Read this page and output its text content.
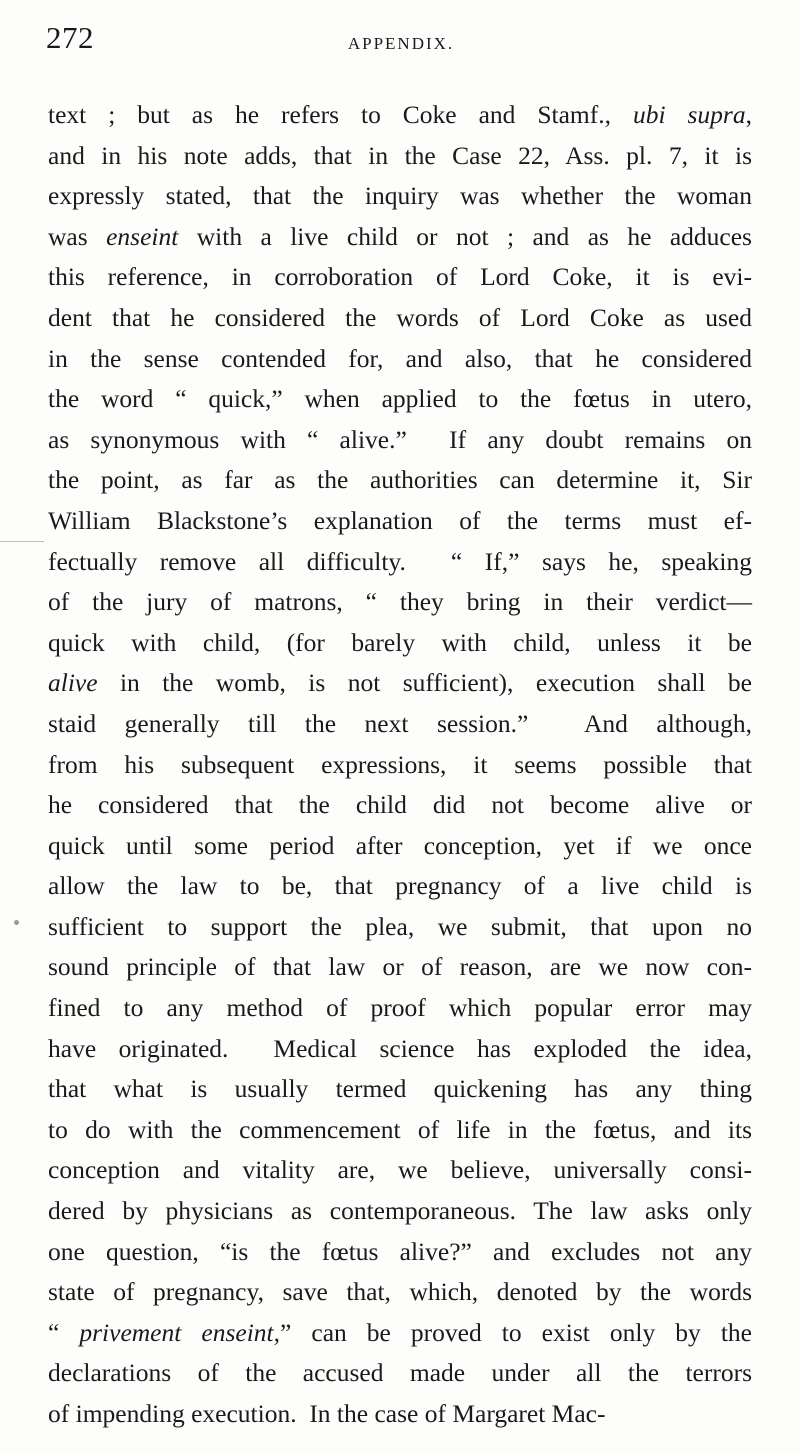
272	APPENDIX.
text ; but as he refers to Coke and Stamf., ubi supra,
and in his note adds, that in the Case 22, Ass. pl. 7, it is
expressly stated, that the inquiry was whether the woman
was enseint with a live child or not ; and as he adduces
this reference, in corroboration of Lord Coke, it is evi-
dent that he considered the words of Lord Coke as used
in the sense contended for, and also, that he considered
the word “ quick,” when applied to the fœtus in utero,
as synonymous with “ alive.”  If any doubt remains on
the point, as far as the authorities can determine it, Sir
William Blackstone’s explanation of the terms must ef-
fectually remove all difficulty.  “ If,” says he, speaking
of the jury of matrons, “ they bring in their verdict—
quick with child, (for barely with child, unless it be
alive in the womb, is not sufficient), execution shall be
staid generally till the next session.”  And although,
from his subsequent expressions, it seems possible that
he considered that the child did not become alive or
quick until some period after conception, yet if we once
allow the law to be, that pregnancy of a live child is
sufficient to support the plea, we submit, that upon no
sound principle of that law or of reason, are we now con-
fined to any method of proof which popular error may
have originated.  Medical science has exploded the idea,
that what is usually termed quickening has any thing
to do with the commencement of life in the fœtus, and its
conception and vitality are, we believe, universally consi-
dered by physicians as contemporaneous. The law asks only
one question, “is the fœtus alive?” and excludes not any
state of pregnancy, save that, which, denoted by the words
“ privement enseint,” can be proved to exist only by the
declarations of the accused made under all the terrors
of impending execution.  In the case of Margaret Mac-
